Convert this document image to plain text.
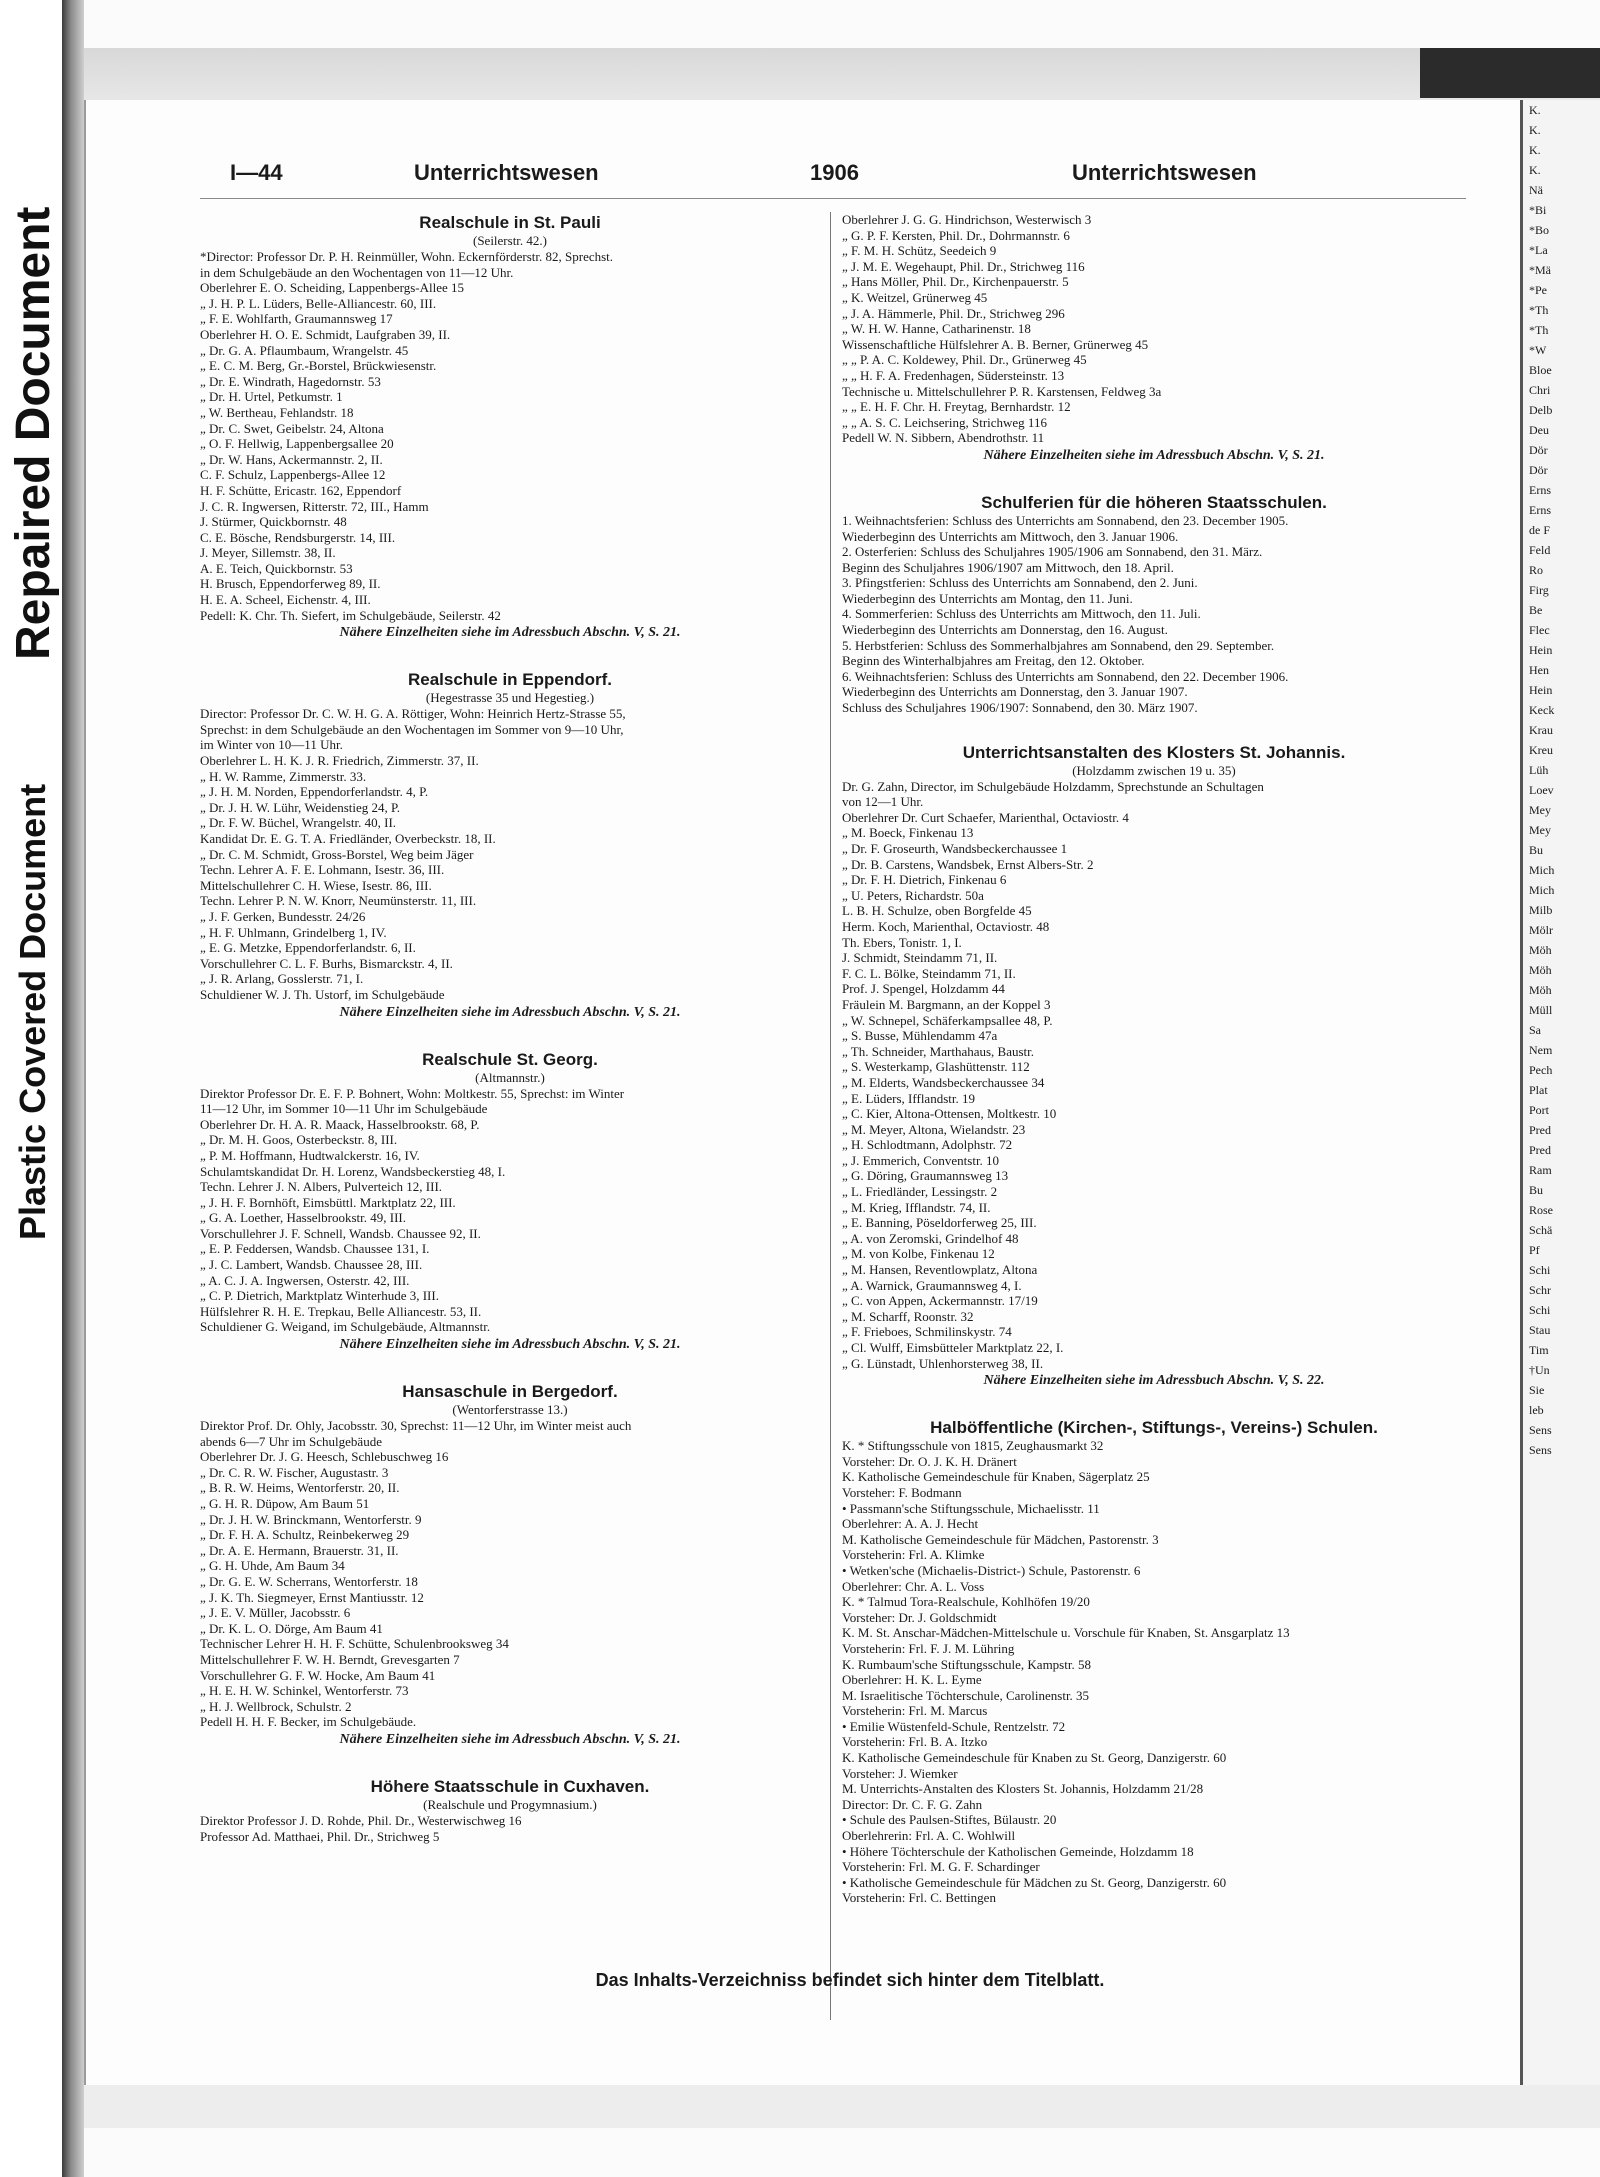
Repaired Document
Plastic Covered Document
I—44	Unterrichtswesen	1906	Unterrichtswesen
Realschule in St. Pauli
(Seilerstr. 42.)
*Director: Professor Dr. P. H. Reinmüller, Wohn. Eckernförderstr. 82, Sprechst.
in dem Schulgebäude an den Wochentagen von 11—12 Uhr.
Oberlehrer E. O. Scheiding, Lappenbergs-Allee 15
„ J. H. P. L. Lüders, Belle-Alliancestr. 60, III.
„ F. E. Wohlfarth, Graumannsweg 17
Oberlehrer H. O. E. Schmidt, Laufgraben 39, II.
„ Dr. G. A. Pflaumbaum, Wrangelstr. 45
„ E. C. M. Berg, Gr.-Borstel, Brückwiesenstr.
„ Dr. E. Windrath, Hagedornstr. 53
„ Dr. H. Urtel, Petkumstr. 1
„ W. Bertheau, Fehlandstr. 18
„ Dr. C. Swet, Geibelstr. 24, Altona
„ O. F. Hellwig, Lappenbergsallee 20
„ Dr. W. Hans, Ackermannstr. 2, II.
C. F. Schulz, Lappenbergs-Allee 12
H. F. Schütte, Ericastr. 162, Eppendorf
J. C. R. Ingwersen, Ritterstr. 72, III., Hamm
J. Stürmer, Quickbornstr. 48
C. E. Bösche, Rendsburgerstr. 14, III.
J. Meyer, Sillemstr. 38, II.
A. E. Teich, Quickbornstr. 53
H. Brusch, Eppendorferweg 89, II.
H. E. A. Scheel, Eichenstr. 4, III.
Pedell: K. Chr. Th. Siefert, im Schulgebäude, Seilerstr. 42
Nähere Einzelheiten siehe im Adressbuch Abschn. V, S. 21.
Realschule in Eppendorf.
(Hegestrasse 35 und Hegestieg.)
Director: Professor Dr. C. W. H. G. A. Röttiger, Wohn: Heinrich Hertz-Strasse 55,
Sprechst: in dem Schulgebäude an den Wochentagen im Sommer von 9—10 Uhr,
im Winter von 10—11 Uhr.
Oberlehrer L. H. K. J. R. Friedrich, Zimmerstr. 37, II.
„ H. W. Ramme, Zimmerstr. 33.
„ J. H. M. Norden, Eppendorferlandstr. 4, P.
„ Dr. J. H. W. Lühr, Weidenstieg 24, P.
„ Dr. F. W. Büchel, Wrangelstr. 40, II.
Kandidat Dr. E. G. T. A. Friedländer, Overbeckstr. 18, II.
„ Dr. C. M. Schmidt, Gross-Borstel, Weg beim Jäger
Techn. Lehrer A. F. E. Lohmann, Isestr. 36, III.
Mittelschullehrer C. H. Wiese, Isestr. 86, III.
Techn. Lehrer P. N. W. Knorr, Neumünsterstr. 11, III.
„ J. F. Gerken, Bundesstr. 24/26
„ H. F. Uhlmann, Grindelberg 1, IV.
„ E. G. Metzke, Eppendorferlandstr. 6, II.
Vorschullehrer C. L. F. Burhs, Bismarckstr. 4, II.
„ J. R. Arlang, Gosslerstr. 71, I.
Schuldiener W. J. Th. Ustorf, im Schulgebäude
Nähere Einzelheiten siehe im Adressbuch Abschn. V, S. 21.
Realschule St. Georg.
(Altmannstr.)
Direktor Professor Dr. E. F. P. Bohnert, Wohn: Moltkestr. 55, Sprechst: im Winter
11—12 Uhr, im Sommer 10—11 Uhr im Schulgebäude
Oberlehrer Dr. H. A. R. Maack, Hasselbrookstr. 68, P.
„ Dr. M. H. Goos, Osterbeckstr. 8, III.
„ P. M. Hoffmann, Hudtwalckerstr. 16, IV.
Schulamtskandidat Dr. H. Lorenz, Wandsbeckerstieg 48, I.
Techn. Lehrer J. N. Albers, Pulverteich 12, III.
„ J. H. F. Bornhöft, Eimsbüttl. Marktplatz 22, III.
„ G. A. Loether, Hasselbrookstr. 49, III.
Vorschullehrer J. F. Schnell, Wandsb. Chaussee 92, II.
„ E. P. Feddersen, Wandsb. Chaussee 131, I.
„ J. C. Lambert, Wandsb. Chaussee 28, III.
„ A. C. J. A. Ingwersen, Osterstr. 42, III.
„ C. P. Dietrich, Marktplatz Winterhude 3, III.
Hülfslehrer R. H. E. Trepkau, Belle Alliancestr. 53, II.
Schuldiener G. Weigand, im Schulgebäude, Altmannstr.
Nähere Einzelheiten siehe im Adressbuch Abschn. V, S. 21.
Hansaschule in Bergedorf.
(Wentorferstrasse 13.)
Direktor Prof. Dr. Ohly, Jacobsstr. 30, Sprechst: 11—12 Uhr, im Winter meist auch
abends 6—7 Uhr im Schulgebäude
Oberlehrer Dr. J. G. Heesch, Schlebuschweg 16
„ Dr. C. R. W. Fischer, Augustastr. 3
„ B. R. W. Heims, Wentorferstr. 20, II.
„ G. H. R. Düpow, Am Baum 51
„ Dr. J. H. W. Brinckmann, Wentorferstr. 9
„ Dr. F. H. A. Schultz, Reinbekerweg 29
„ Dr. A. E. Hermann, Brauerstr. 31, II.
„ G. H. Uhde, Am Baum 34
„ Dr. G. E. W. Scherrans, Wentorferstr. 18
„ J. K. Th. Siegmeyer, Ernst Mantiusstr. 12
„ J. E. V. Müller, Jacobsstr. 6
„ Dr. K. L. O. Dörge, Am Baum 41
Technischer Lehrer H. H. F. Schütte, Schulenbrooksweg 34
Mittelschullehrer F. W. H. Berndt, Grevesgarten 7
Vorschullehrer G. F. W. Hocke, Am Baum 41
„ H. E. H. W. Schinkel, Wentorferstr. 73
„ H. J. Wellbrock, Schulstr. 2
Pedell H. H. F. Becker, im Schulgebäude.
Nähere Einzelheiten siehe im Adressbuch Abschn. V, S. 21.
Höhere Staatsschule in Cuxhaven.
(Realschule und Progymnasium.)
Direktor Professor J. D. Rohde, Phil. Dr., Westerwischweg 16
Professor Ad. Matthaei, Phil. Dr., Strichweg 5
Oberlehrer J. G. G. Hindrichson, Westerwisch 3
„ G. P. F. Kersten, Phil. Dr., Dohrmannstr. 6
„ F. M. H. Schütz, Seedeich 9
„ J. M. E. Wegehaupt, Phil. Dr., Strichweg 116
„ Hans Möller, Phil. Dr., Kirchenpauerstr. 5
„ K. Weitzel, Grünerweg 45
„ J. A. Hämmerle, Phil. Dr., Strichweg 296
„ W. H. W. Hanne, Catharinenstr. 18
Wissenschaftliche Hülfslehrer A. B. Berner, Grünerweg 45
„ „ P. A. C. Koldewey, Phil. Dr., Grünerweg 45
„ „ H. F. A. Fredenhagen, Südersteinstr. 13
Technische u. Mittelschullehrer P. R. Karstensen, Feldweg 3a
„ „ E. H. F. Chr. H. Freytag, Bernhardstr. 12
„ „ A. S. C. Leichsering, Strichweg 116
Pedell W. N. Sibbern, Abendrothstr. 11
Nähere Einzelheiten siehe im Adressbuch Abschn. V, S. 21.
Schulferien für die höheren Staatsschulen.
1. Weihnachtsferien: Schluss des Unterrichts am Sonnabend, den 23. December 1905.
Wiederbeginn des Unterrichts am Mittwoch, den 3. Januar 1906.
2. Osterferien: Schluss des Schuljahres 1905/1906 am Sonnabend, den 31. März.
Beginn des Schuljahres 1906/1907 am Mittwoch, den 18. April.
3. Pfingstferien: Schluss des Unterrichts am Sonnabend, den 2. Juni.
Wiederbeginn des Unterrichts am Montag, den 11. Juni.
4. Sommerferien: Schluss des Unterrichts am Mittwoch, den 11. Juli.
Wiederbeginn des Unterrichts am Donnerstag, den 16. August.
5. Herbstferien: Schluss des Sommerhalbjahres am Sonnabend, den 29. September.
Beginn des Winterhalbjahres am Freitag, den 12. Oktober.
6. Weihnachtsferien: Schluss des Unterrichts am Sonnabend, den 22. December 1906.
Wiederbeginn des Unterrichts am Donnerstag, den 3. Januar 1907.
Schluss des Schuljahres 1906/1907: Sonnabend, den 30. März 1907.
Unterrichtsanstalten des Klosters St. Johannis.
(Holzdamm zwischen 19 u. 35)
Dr. G. Zahn, Director, im Schulgebäude Holzdamm, Sprechstunde an Schultagen
von 12—1 Uhr.
Oberlehrer Dr. Curt Schaefer, Marienthal, Octaviostr. 4
„ M. Boeck, Finkenau 13
„ Dr. F. Groseurth, Wandsbeckerchaussee 1
„ Dr. B. Carstens, Wandsbek, Ernst Albers-Str. 2
„ Dr. F. H. Dietrich, Finkenau 6
„ U. Peters, Richardstr. 50a
L. B. H. Schulze, oben Borgfelde 45
Herm. Koch, Marienthal, Octaviostr. 48
Th. Ebers, Tonistr. 1, I.
J. Schmidt, Steindamm 71, II.
F. C. L. Bölke, Steindamm 71, II.
Prof. J. Spengel, Holzdamm 44
Fräulein M. Bargmann, an der Koppel 3
„ W. Schnepel, Schäferkampsallee 48, P.
„ S. Busse, Mühlendamm 47a
„ Th. Schneider, Marthahaus, Baustr.
„ S. Westerkamp, Glashüttenstr. 112
„ M. Elderts, Wandsbeckerchaussee 34
„ E. Lüders, Ifflandstr. 19
„ C. Kier, Altona-Ottensen, Moltkestr. 10
„ M. Meyer, Altona, Wielandstr. 23
„ H. Schlodtmann, Adolphstr. 72
„ J. Emmerich, Conventstr. 10
„ G. Döring, Graumannsweg 13
„ L. Friedländer, Lessingstr. 2
„ M. Krieg, Ifflandstr. 74, II.
„ E. Banning, Pöseldorferweg 25, III.
„ A. von Zeromski, Grindelhof 48
„ M. von Kolbe, Finkenau 12
„ M. Hansen, Reventlowplatz, Altona
„ A. Warnick, Graumannsweg 4, I.
„ C. von Appen, Ackermannstr. 17/19
„ M. Scharff, Roonstr. 32
„ F. Frieboes, Schmilinskystr. 74
„ Cl. Wulff, Eimsbütteler Marktplatz 22, I.
„ G. Lünstadt, Uhlenhorsterweg 38, II.
Nähere Einzelheiten siehe im Adressbuch Abschn. V, S. 22.
Halböffentliche (Kirchen-, Stiftungs-, Vereins-) Schulen.
K. * Stiftungsschule von 1815, Zeughausmarkt 32
Vorsteher: Dr. O. J. K. H. Dränert
K. Katholische Gemeindeschule für Knaben, Sägerplatz 25
Vorsteher: F. Bodmann
• Passmann'sche Stiftungsschule, Michaelisstr. 11
Oberlehrer: A. A. J. Hecht
M. Katholische Gemeindeschule für Mädchen, Pastorenstr. 3
Vorsteherin: Frl. A. Klimke
• Wetken'sche (Michaelis-District-) Schule, Pastorenstr. 6
Oberlehrer: Chr. A. L. Voss
K. * Talmud Tora-Realschule, Kohlhöfen 19/20
Vorsteher: Dr. J. Goldschmidt
K. M. St. Anschar-Mädchen-Mittelschule u. Vorschule für Knaben, St. Ansgarplatz 13
Vorsteherin: Frl. F. J. M. Lühring
K. Rumbaum'sche Stiftungsschule, Kampstr. 58
Oberlehrer: H. K. L. Eyme
M. Israelitische Töchterschule, Carolinenstr. 35
Vorsteherin: Frl. M. Marcus
• Emilie Wüstenfeld-Schule, Rentzelstr. 72
Vorsteherin: Frl. B. A. Itzko
K. Katholische Gemeindeschule für Knaben zu St. Georg, Danzigerstr. 60
Vorsteher: J. Wiemker
M. Unterrichts-Anstalten des Klosters St. Johannis, Holzdamm 21/28
Director: Dr. C. F. G. Zahn
• Schule des Paulsen-Stiftes, Bülaustr. 20
Oberlehrerin: Frl. A. C. Wohlwill
• Höhere Töchterschule der Katholischen Gemeinde, Holzdamm 18
Vorsteherin: Frl. M. G. F. Schardinger
• Katholische Gemeindeschule für Mädchen zu St. Georg, Danzigerstr. 60
Vorsteherin: Frl. C. Bettingen
Das Inhalts-Verzeichniss befindet sich hinter dem Titelblatt.
K.
K.
K.
K.
Nä
*Bi
*Bo
*La
*Mä
*Pe
*Th
*Th
*W
Bloe
Chri
Delb
Deu
Dör
Dör
Erns
Erns
de F
Feld
Ro
Firg
Be
Flec
Hein
Hen
Hein
Keck
Krau
Kreu
Lüh
Loev
Mey
Mey
Bu
Mich
Mich
Milb
Mölr
Möh
Möh
Möh
Müll
Sa
Nem
Pech
Plat
Port
Pred
Pred
Ram
Bu
Rose
Schä
Pf
Schi
Schr
Schi
Stau
Tim
†Un
Sie
leb
Sens
Sens
